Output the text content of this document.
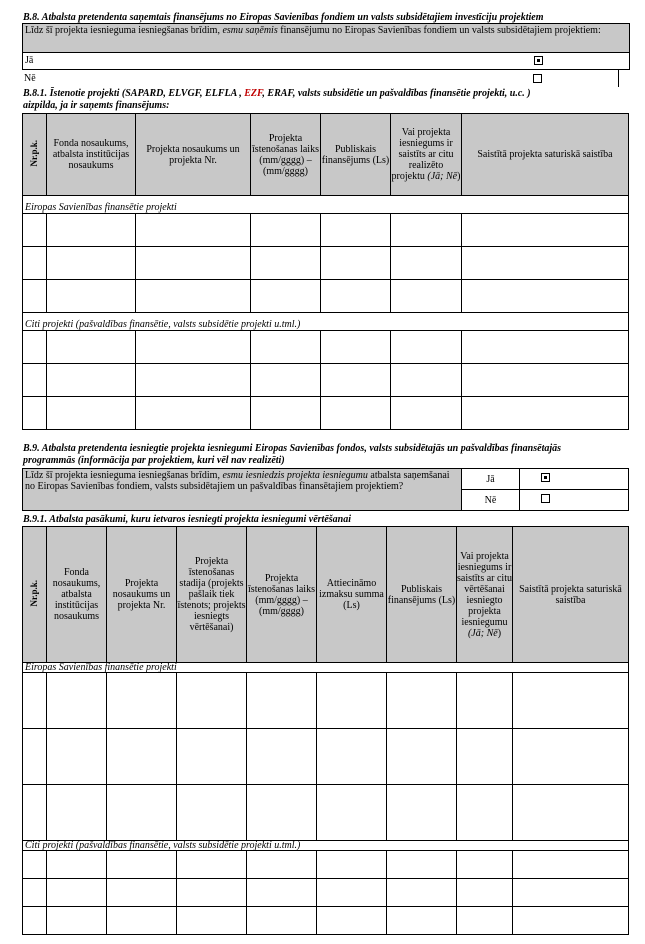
B.8. Atbalsta pretendenta saņemtais finansējums no Eiropas Savienības fondiem un valsts subsidētajiem investīciju projektiem
Līdz šī projekta iesnieguma iesniegšanas brīdim, esmu saņēmis finansējumu no Eiropas Savienības fondiem un valsts subsidētajiem projektiem:
Jā
Nē
B.8.1. Īstenotie projekti (SAPARD, ELVGF, ELFLA , EZF, ERAF, valsts subsidētie un pašvaldības finansētie projekti, u.c. )
aizpilda, ja ir saņemts finansējums:
Nr.p.k.	Fonda nosaukums, atbalsta institūcijas nosaukums	Projekta nosaukums un projekta Nr.	Projekta īstenošanas laiks (mm/gggg) – (mm/gggg)	Publiskais finansējums (Ls)	Vai projekta iesniegums ir saistīts ar citu realizēto projektu (Jā; Nē)	Saistītā projekta saturiskā saistība
Eiropas Savienības finansētie projekti						

Citi projekti (pašvaldības finansētie, valsts subsidētie projekti u.tml.)						

B.9. Atbalsta pretendenta iesniegtie projekta iesniegumi Eiropas Savienības fondos, valsts subsidētajās un pašvaldības finansētajās
programmās (informācija par projektiem, kuri vēl nav realizēti)
Līdz šī projekta iesnieguma iesniegšanas brīdim, esmu iesniedzis projekta iesniegumu atbalsta saņemšanai no Eiropas Savienības fondiem, valsts subsidētajiem un pašvaldības finansētajiem projektiem?	Jā	
	Nē	
B.9.1. Atbalsta pasākumi, kuru ietvaros iesniegti projekta iesniegumi vērtēšanai
Nr.p.k.	Fonda nosaukums, atbalsta institūcijas nosaukums	Projekta nosaukums un projekta Nr.	Projekta īstenošanas stadija (projekts pašlaik tiek īstenots; projekts iesniegts vērtēšanai)	Projekta īstenošanas laiks (mm/gggg) – (mm/gggg)	Attiecināmo izmaksu summa (Ls)	Publiskais finansējums (Ls)	Vai projekta iesniegums ir saistīts ar citu vērtēšanai iesniegto projekta iesniegumu (Jā; Nē)	Saistītā projekta saturiskā saistība
Eiropas Savienības finansētie projekti								

Citi projekti (pašvaldības finansētie, valsts subsidētie projekti u.tml.)								
